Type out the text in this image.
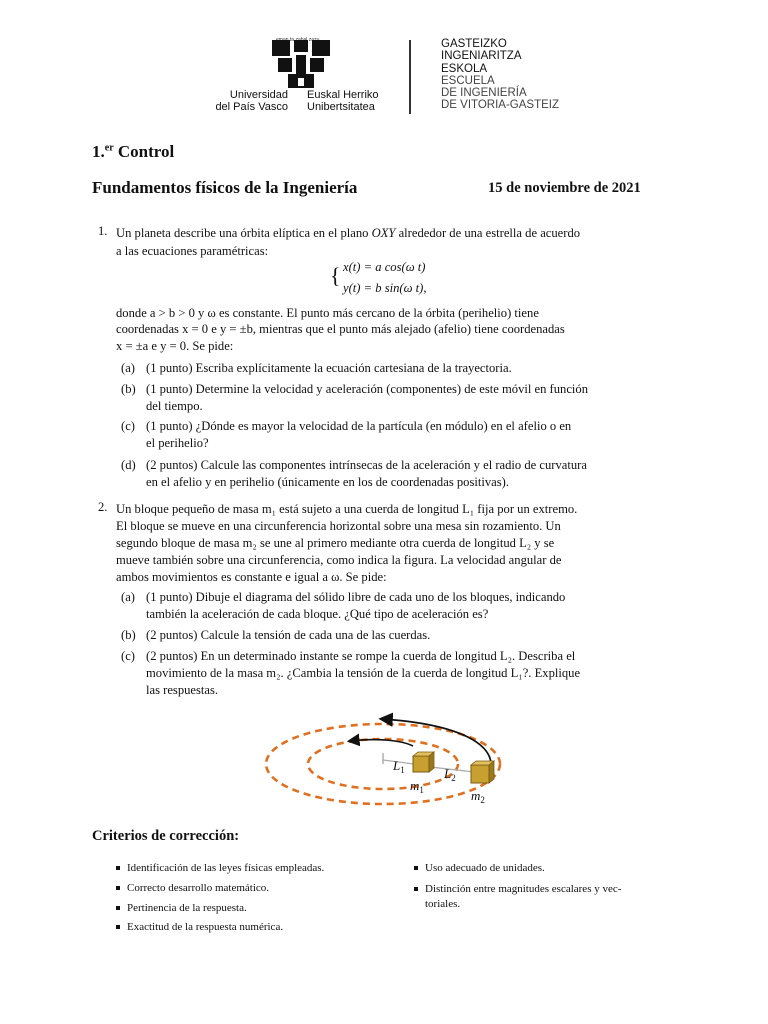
ta
Universidad
del País Vasco
Euskal Herriko
Unibertsitatea
GASTEIZKO
INGENIARITZA
ESKOLA
ESCUELA
DE INGENIERÍA
DE VITORIA-GASTEIZ
1.$^{er}$ Control
Fundamentos físicos de la Ingeniería	15 de noviembre de 2021
1. Un planeta describe una órbita elíptica en el plano OXY alrededor de una estrella de acuerdo
a las ecuaciones paramétricas:
{ x(t) = a cos(ω t)
y(t) = b sin(ω t),
donde a > b > 0 y ω es constante. El punto más cercano de la órbita (perihelio) tiene
coordenadas x = 0 e y = ±b, mientras que el punto más alejado (afelio) tiene coordenadas
x = ±a e y = 0. Se pide:
(a) (1 punto) Escriba explícitamente la ecuación cartesiana de la trayectoria.
(b) (1 punto) Determine la velocidad y aceleración (componentes) de este móvil en función
del tiempo.
(c) (1 punto) ¿Dónde es mayor la velocidad de la partícula (en módulo) en el afelio o en
el perihelio?
(d) (2 puntos) Calcule las componentes intrínsecas de la aceleración y el radio de curvatura
en el afelio y en perihelio (únicamente en los de coordenadas positivas).
2. Un bloque pequeño de masa m₁ está sujeto a una cuerda de longitud L₁ fija por un extremo.
El bloque se mueve en una circunferencia horizontal sobre una mesa sin rozamiento. Un
segundo bloque de masa m₂ se une al primero mediante otra cuerda de longitud L₂ y se
mueve también sobre una circunferencia, como indica la figura. La velocidad angular de
ambos movimientos es constante e igual a ω. Se pide:
(a) (1 punto) Dibuje el diagrama del sólido libre de cada uno de los bloques, indicando
también la aceleración de cada bloque. ¿Qué tipo de aceleración es?
(b) (2 puntos) Calcule la tensión de cada una de las cuerdas.
(c) (2 puntos) En un determinado instante se rompe la cuerda de longitud L₂. Describa el
movimiento de la masa m₂. ¿Cambia la tensión de la cuerda de longitud L₁?. Explique
las respuestas.
$L_1$	$L_2$
$m_1$	$m_2$
Criterios de corrección:
Identificación de las leyes físicas empleadas.
Correcto desarrollo matemático.
Pertinencia de la respuesta.
Exactitud de la respuesta numérica.
Uso adecuado de unidades.
Distinción entre magnitudes escalares y vec-
toriales.
